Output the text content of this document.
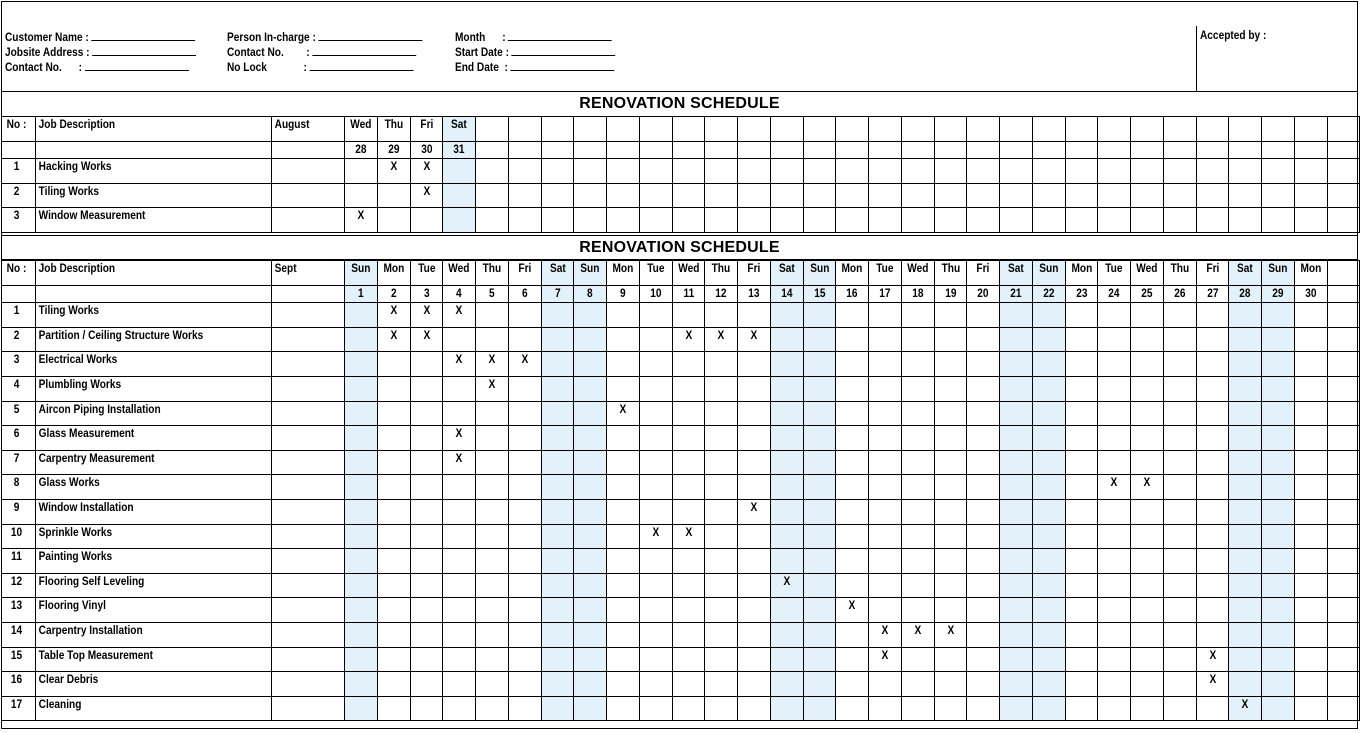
Customer Name :
Jobsite Address :
Contact No.      :
Person In-charge :
Contact No.        :
No Lock             :
Month      :
Start Date :
End Date  :
Accepted by :
RENOVATION SCHEDULE
No :	Job Description	August	Wed	Thu	Fri	Sat																											

			28	29	30	31																											

1	Hacking Works			X	X																												

2	Tiling Works				X																												

3	Window Measurement		X																														

RENOVATION SCHEDULE
No :	Job Description	Sept	Sun	Mon	Tue	Wed	Thu	Fri	Sat	Sun	Mon	Tue	Wed	Thu	Fri	Sat	Sun	Mon	Tue	Wed	Thu	Fri	Sat	Sun	Mon	Tue	Wed	Thu	Fri	Sat	Sun	Mon	

			1	2	3	4	5	6	7	8	9	10	11	12	13	14	15	16	17	18	19	20	21	22	23	24	25	26	27	28	29	30	

1	Tiling Works			X	X	X																											

2	Partition / Ceiling Structure Works			X	X								X	X	X																		

3	Electrical Works					X	X	X																									

4	Plumbling Works						X																										

5	Aircon Piping Installation										X																						

6	Glass Measurement					X																											

7	Carpentry Measurement					X																											

8	Glass Works																									X	X						

9	Window Installation														X																		

10	Sprinkle Works											X	X																				

11	Painting Works																																

12	Flooring Self Leveling															X																	

13	Flooring Vinyl																	X															

14	Carpentry Installation																		X	X	X												

15	Table Top Measurement																		X										X				

16	Clear Debris																												X				

17	Cleaning																													X			
